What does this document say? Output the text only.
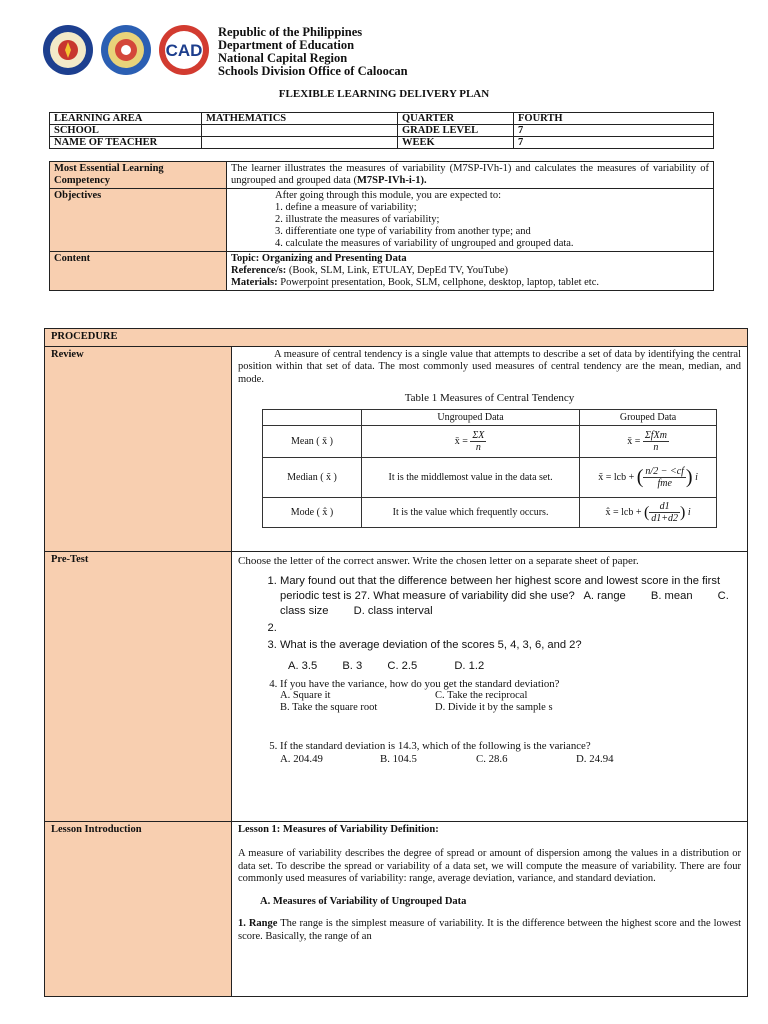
CAD
Republic of the Philippines
Department of Education
National Capital Region
Schools Division Office of Caloocan
FLEXIBLE LEARNING DELIVERY PLAN
LEARNING AREA	MATHEMATICS	QUARTER	FOURTH
SCHOOL		GRADE LEVEL	7
NAME OF TEACHER		WEEK	7
Most Essential Learning Competency	The learner illustrates the measures of variability (M7SP-IVh-1) and calculates the measures of variability of ungrouped and grouped data (M7SP-IVh-i-1).
Objectives	After going through this module, you are expected to:
1. define a measure of variability;
2. illustrate the measures of variability;
3. differentiate one type of variability from another type; and
4. calculate the measures of variability of ungrouped and grouped data.

Content	Topic: Organizing and Presenting Data
Reference/s: (Book, SLM, Link, ETULAY, DepEd TV, YouTube)
Materials: Powerpoint presentation, Book, SLM, cellphone, desktop, laptop, tablet etc.
PROCEDURE
Review	A measure of central tendency is a single value that attempts to describe a set of data by identifying the central position within that set of data. The most commonly used measures of central tendency are the mean, median, and mode.
Table 1 Measures of Central Tendency
	Ungrouped Data	Grouped Data
Mean ( x̄ )	x̄ = $\frac{\Sigma X}{n}$	x̄ = $\frac{\text{ΣfXm}}{n}$

Median ( x̃ )	It is the middlemost value in the data set.	x̃ = lcb + ( $\frac{n/2 - <cf}{\text{fme}}$ ) i
Mode ( x̂ )	It is the value which frequently occurs.	x̂ = lcb + ( $\frac{d1}{d1+d2}$ ) i

Pre-Test	Choose the letter of the correct answer. Write the chosen letter on a separate sheet of paper.
1. Mary found out that the difference between her highest score and lowest score in the first periodic test is 27. What measure of variability did she use? A. range B. mean C. class size D. class interval
2.
3. What is the average deviation of the scores 5, 4, 3, 6, and 2?
A. 3.5 B. 3 C. 2.5	D. 1.2
4. If you have the variance, how do you get the standard deviation?
A. Square it	C. Take the reciprocal
B. Take the square root	D. Divide it by the sample s
5. If the standard deviation is 14.3, which of the following is the variance?
A. 204.49	B. 104.5	C. 28.6	D. 24.94

Lesson Introduction	Lesson 1: Measures of Variability Definition:
A measure of variability describes the degree of spread or amount of dispersion among the values in a distribution or data set. To describe the spread or variability of a data set, we will compute the measure of variability. There are four commonly used measures of variability: range, average deviation, variance, and standard deviation.
A. Measures of Variability of Ungrouped Data
1. Range The range is the simplest measure of variability. It is the difference between the highest score and the lowest score. Basically, the range of an
